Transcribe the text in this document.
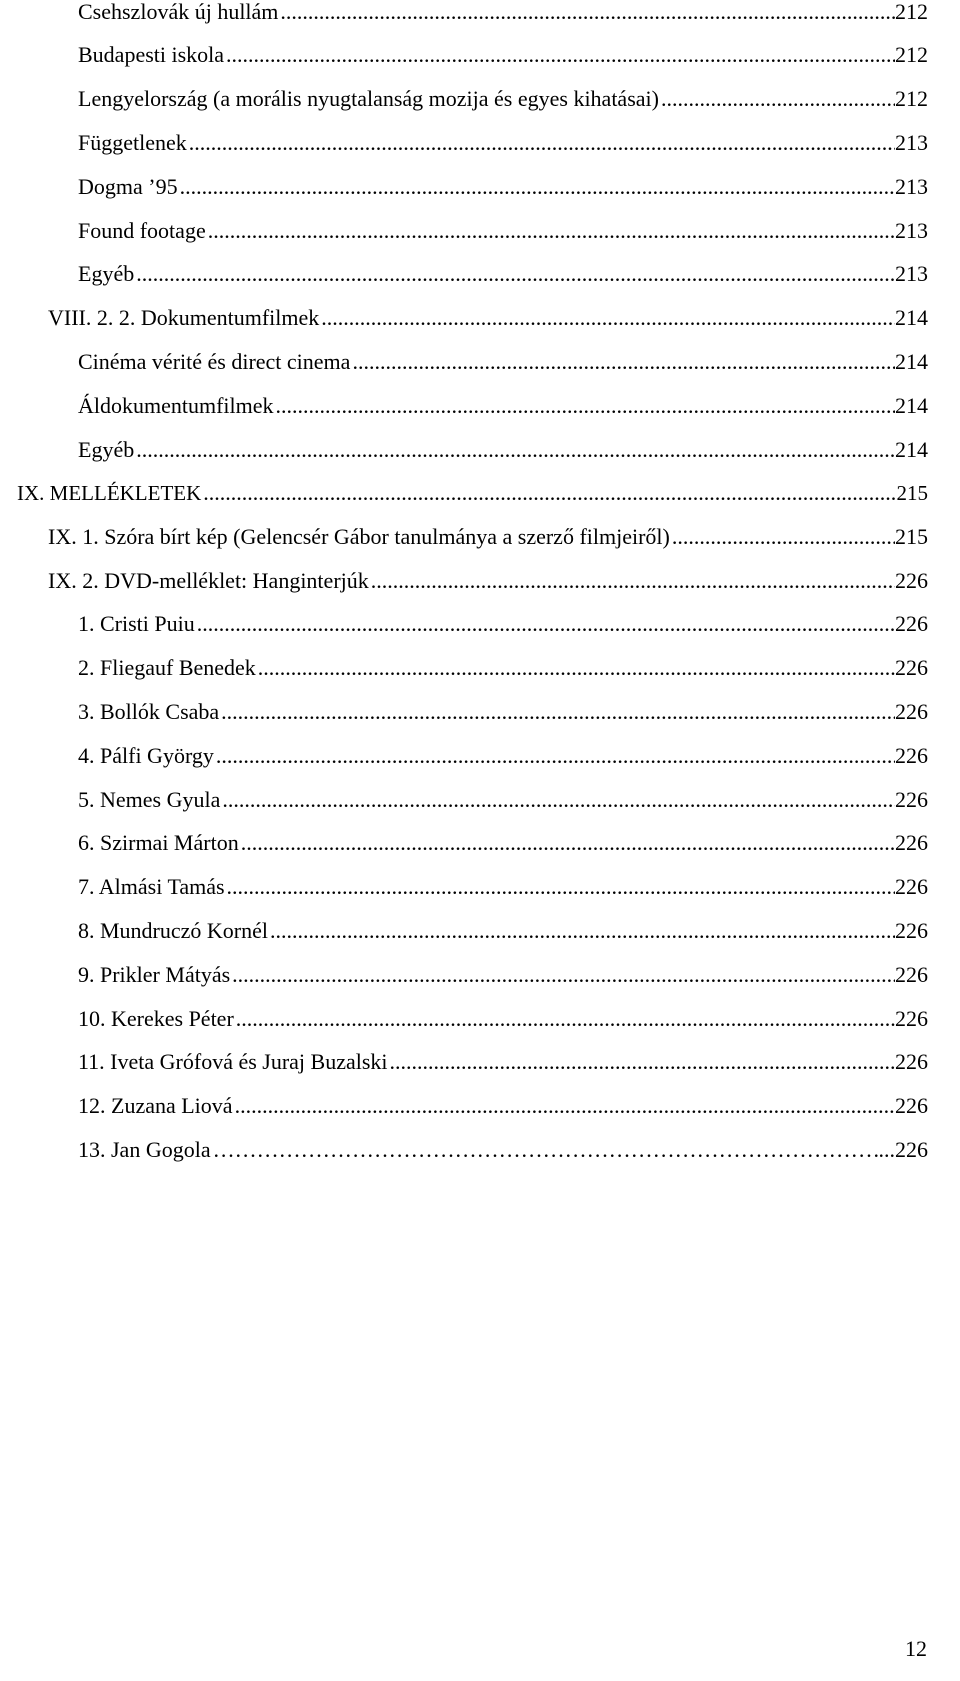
Csehszlovák új hullám .....	212
Budapesti iskola .....	212
Lengyelország (a morális nyugtalanság mozija és egyes kihatásai) .....	212
Függetlenek .....	213
Dogma ’95 .....	213
Found footage .....	213
Egyéb .....	213
VIII. 2. 2. Dokumentumfilmek .....	214
Cinéma vérité és direct cinema .....	214
Áldokumentumfilmek .....	214
Egyéb .....	214
IX. MELLÉKLETEK .....	215
IX. 1. Szóra bírt kép (Gelencsér Gábor tanulmánya a szerző filmjeiről) .....	215
IX. 2. DVD-melléklet: Hanginterjúk .....	226
1. Cristi Puiu .....	226
2. Fliegauf Benedek .....	226
3. Bollók Csaba .....	226
4. Pálfi György .....	226
5. Nemes Gyula .....	226
6. Szirmai Márton .....	226
7. Almási Tamás .....	226
8. Mundruczó Kornél .....	226
9. Prikler Mátyás .....	226
10. Kerekes Péter .....	226
11. Iveta Grófová és Juraj Buzalski .....	226
12. Zuzana Liová .....	226
13. Jan Gogola ……………………………………………………………………………………………………………………………………………………………………………………………………………	...226
12
